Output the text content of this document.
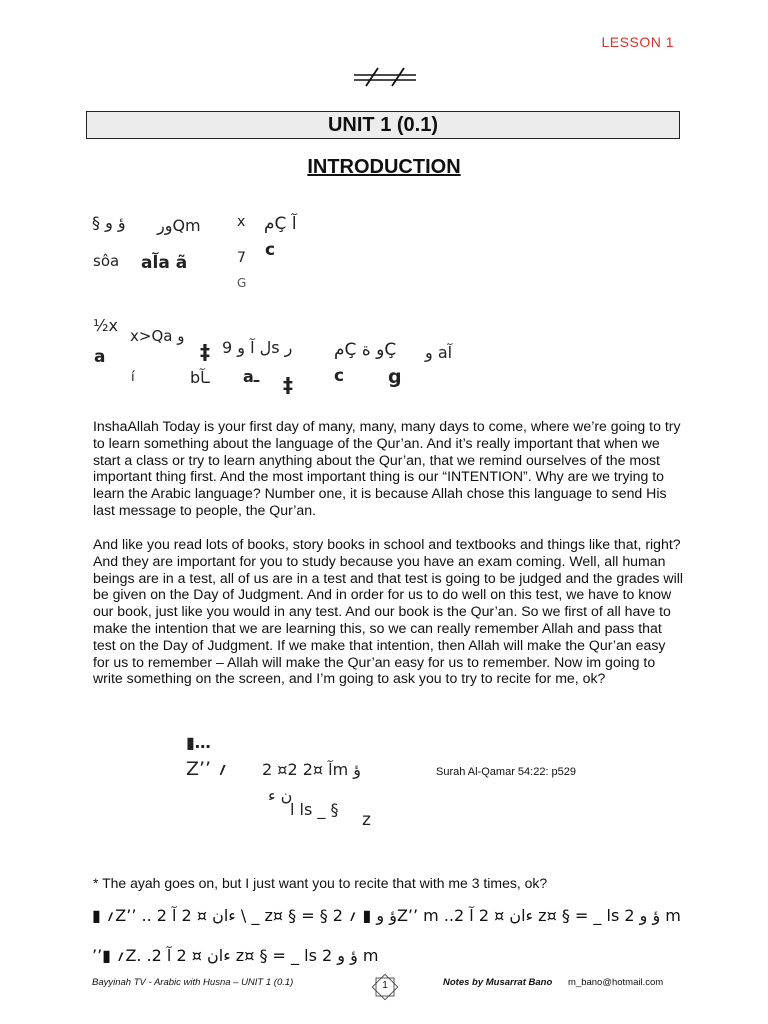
LESSON 1
UNIT 1 (0.1)
INTRODUCTION
§ ؤ و ورQm	x مÇ آ
sôa aآa ã	7 c
G
½x
x>Qa و
ل آ و 9s ر مÇ و ةÇ و aآ
a	‡
í	bـآ aـ ‡ c g

InshaAllah Today is your first day of many, many, many days to come, where we’re going to try to learn something about the language of the Qur’an. And it’s really important that when we start a class or try to learn anything about the Qur’an, that we remind ourselves of the most important thing first. And the most important thing is our “INTENTION”. Why are we trying to learn the Arabic language? Number one, it is because Allah chose this language to send His last message to people, the Qur’an.

And like you read lots of books, story books in school and textbooks and things like that, right? And they are important for you to study because you have an exam coming. Well, all human beings are in a test, all of us are in a test and that test is going to be judged and the grades will be given on the Day of Judgment. And in order for us to do well on this test, we have to know our book, just like you would in any test. And our book is the Qur’an. So we first of all have to make the intention that we are learning this, so we can really remember Allah and pass that test on the Day of Judgment. If we make that intention, then Allah will make the Qur’an easy for us to remember – Allah will make the Qur’an easy for us to remember. Now im going to write something on the screen, and I’m going to ask you to try to recite for me, ok?

▮…
Z’’ ؍ 2 ¤2 آ ¤2m ؤ	Surah Al-Qamar 54:22: p529
ن ء
ا ls _ §
z
* The ayah goes on, but I just want you to recite that with me 3 times, ok?
▮ ؍Z’’ .. 2 ءان ¤ 2 آ \ _ z¤ § = § 2 ؤ و ▮ ؍Z’’ m ..2 ءان ¤ 2 آ z¤ § = _ ls 2 ؤ و m
’’▮ ؍Z. .2 ءان ¤ 2 آ z¤ § = _ ls 2 ؤ و m
Bayyinah TV - Arabic with Husna – UNIT 1 (0.1)	Notes by Musarrat Bano m_bano@hotmail.com
1
